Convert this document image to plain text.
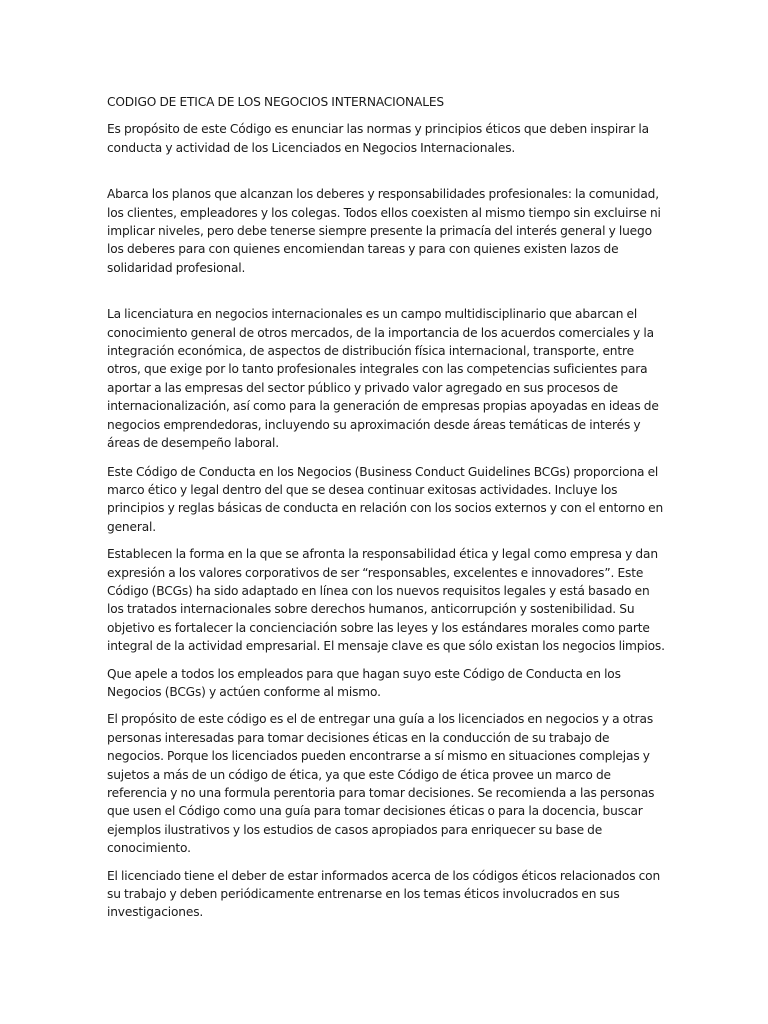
CODIGO DE ETICA DE LOS NEGOCIOS INTERNACIONALES

Es propósito de este Código es enunciar las normas y principios éticos que deben inspirar la conducta y actividad de los Licenciados en Negocios Internacionales.

Abarca los planos que alcanzan los deberes y responsabilidades profesionales: la comunidad, los clientes, empleadores y los colegas. Todos ellos coexisten al mismo tiempo sin excluirse ni implicar niveles, pero debe tenerse siempre presente la primacía del interés general y luego los deberes para con quienes encomiendan tareas y para con quienes existen lazos de solidaridad profesional.

La licenciatura en negocios internacionales es un campo multidisciplinario que abarcan el conocimiento general de otros mercados, de la importancia de los acuerdos comerciales y la integración económica, de aspectos de distribución física internacional, transporte, entre otros, que exige por lo tanto profesionales integrales con las competencias suficientes para aportar a las empresas del sector público y privado valor agregado en sus procesos de internacionalización, así como para la generación de empresas propias apoyadas en ideas de negocios emprendedoras, incluyendo su aproximación desde áreas temáticas de interés y áreas de desempeño laboral.

Este Código de Conducta en los Negocios (Business Conduct Guidelines BCGs) proporciona el marco ético y legal dentro del que se desea continuar exitosas actividades. Incluye los principios y reglas básicas de conducta en relación con los socios externos y con el entorno en general.

Establecen la forma en la que se afronta la responsabilidad ética y legal como empresa y dan expresión a los valores corporativos de ser “responsables, excelentes e innovadores”. Este Código (BCGs) ha sido adaptado en línea con los nuevos requisitos legales y está basado en los tratados internacionales sobre derechos humanos, anticorrupción y sostenibilidad. Su objetivo es fortalecer la concienciación sobre las leyes y los estándares morales como parte integral de la actividad empresarial. El mensaje clave es que sólo existan los negocios limpios.

Que apele a todos los empleados para que hagan suyo este Código de Conducta en los Negocios (BCGs) y actúen conforme al mismo.

El propósito de este código es el de entregar una guía a los licenciados en negocios y a otras personas interesadas para tomar decisiones éticas en la conducción de su trabajo de negocios. Porque los licenciados pueden encontrarse a sí mismo en situaciones complejas y sujetos a más de un código de ética, ya que este Código de ética provee un marco de referencia y no una formula perentoria para tomar decisiones. Se recomienda a las personas que usen el Código como una guía para tomar decisiones éticas o para la docencia, buscar ejemplos ilustrativos y los estudios de casos apropiados para enriquecer su base de conocimiento.

El licenciado tiene el deber de estar informados acerca de los códigos éticos relacionados con su trabajo y deben periódicamente entrenarse en los temas éticos involucrados en sus investigaciones.
